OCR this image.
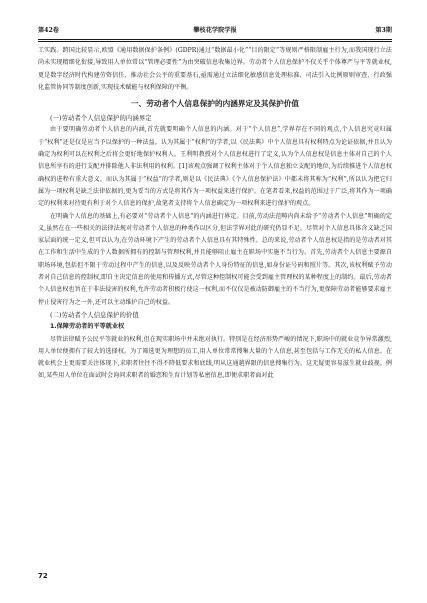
第42卷	攀枝花学院学报	第3期

工实践。跨国比较显示,欧盟《通用数据保护条例》(GDPR)通过“数据最小化”“目的限定”等规则严格限制雇主行为,而我国现行立法尚未实现精细化衔接,导致用人单位常以“管理必要性”为由突破信息收集边界。劳动者个人信息保护不仅关乎个体尊严与平等就业权,更是数字经济时代构建劳资信任、推动社会公平的重要基石,亟需通过立法细化敏感信息处理标准、司法引入比例原则审查、行政强化监管协同等制度创新,实现技术赋能与权利保障的平衡。

一、劳动者个人信息保护的内涵界定及其保护价值
(一)劳动者个人信息保护的内涵界定

由于要明确劳动者个人信息的内涵,首先就要明确个人信息的内涵。对于“个人信息”,学界存在不同的观点,个人信息究竟归属于“权利”还是仅是应当予以保护的一种法益。认为其属于“权利”的学者,以《民法典》中个人信息具有权利特点为论证依据,并且认为确定为权利可以在权利之后将会更好地保护权利人。王利明教授对个人信息权进行了定义,认为个人信息权是信息主体对自己的个人信息所享有的进行支配并排除他人非法利用的权利。[1]该观点强调了权利主体对于个人信息独立支配的地位,为后续推进个人信息权确权的进程有重大意义。而认为其属于“权益”的学者,则是以《民法典》《个人信息保护法》中都未将其称为“权利”,所以认为把它归属为一项权利是缺乏法律依据的,更为妥当的方式是将其作为一项权益来进行保护。在笔者看来,权益的范围过于广泛,将其作为一项确定的权利来对待更有利于对个人信息的保护,故笔者支持将个人信息确定为一项权利来进行保护的观点。

在明确个人信息的基础上,有必要对“劳动者个人信息”的内涵进行界定。目前,劳动法范畴内尚未给予“劳动者个人信息”明确的定义,虽然在在一些相关的法律法规对劳动者个人信息的种类作以区分,但法学界对此的研究仍显不足。尽管对个人信息具体含义缺乏国家层面的统一定义,但可以认为,在劳动环境下产生的劳动者个人信息具有其特殊性。总的来说,劳动者个人信息权是指的是劳动者对其在工作和生活中生成的个人数据所拥有的控制与管理权利,并且能够阻止雇主在职场中实施不当行为。首先,劳动者个人信息主要源自职场环境,包括但不限于劳动过程中产生的信息,以及反映劳动者个人身份特征的信息,如身份证号码和照片等。其次,该权利赋予劳动者对自己信息的控制权,即自主决定信息的使用和传播方式,尽管这种控制权可能会受到雇主管理权的某种程度上的制约。最后,劳动者个人信息权也旨在于非法侵害的权利,允许劳动者积极行使这一权利,而不仅仅是被动防御雇主的不当行为,更保障劳动者能够要求雇主停止侵害行为之一外,还可以主动维护自己的权益。

(二)劳动者个人信息保护的价值
1.保障劳动者的平等就业权

尽管法律赋予公民平等就业的权利,但在现实职场中并未绝对执行。特别是在经济形势严峻的情况下,职场中的就业竞争异常激烈,用人单位便拥有了较大的选择权。为了筛选更为理想的员工,用人单位常常搜集大量的个人信息,甚至包括与工作无关的私人信息。在就业机会上更需要关注体现下,求职者往往不得不降低要求和底线,明从这通越界限的信息搜集行为。这无疑更容易滋生就业歧视。例如,某些用人单位在面试时会询问求职者的婚恋和生育计划等私密信息,即便求职者面对此

72
